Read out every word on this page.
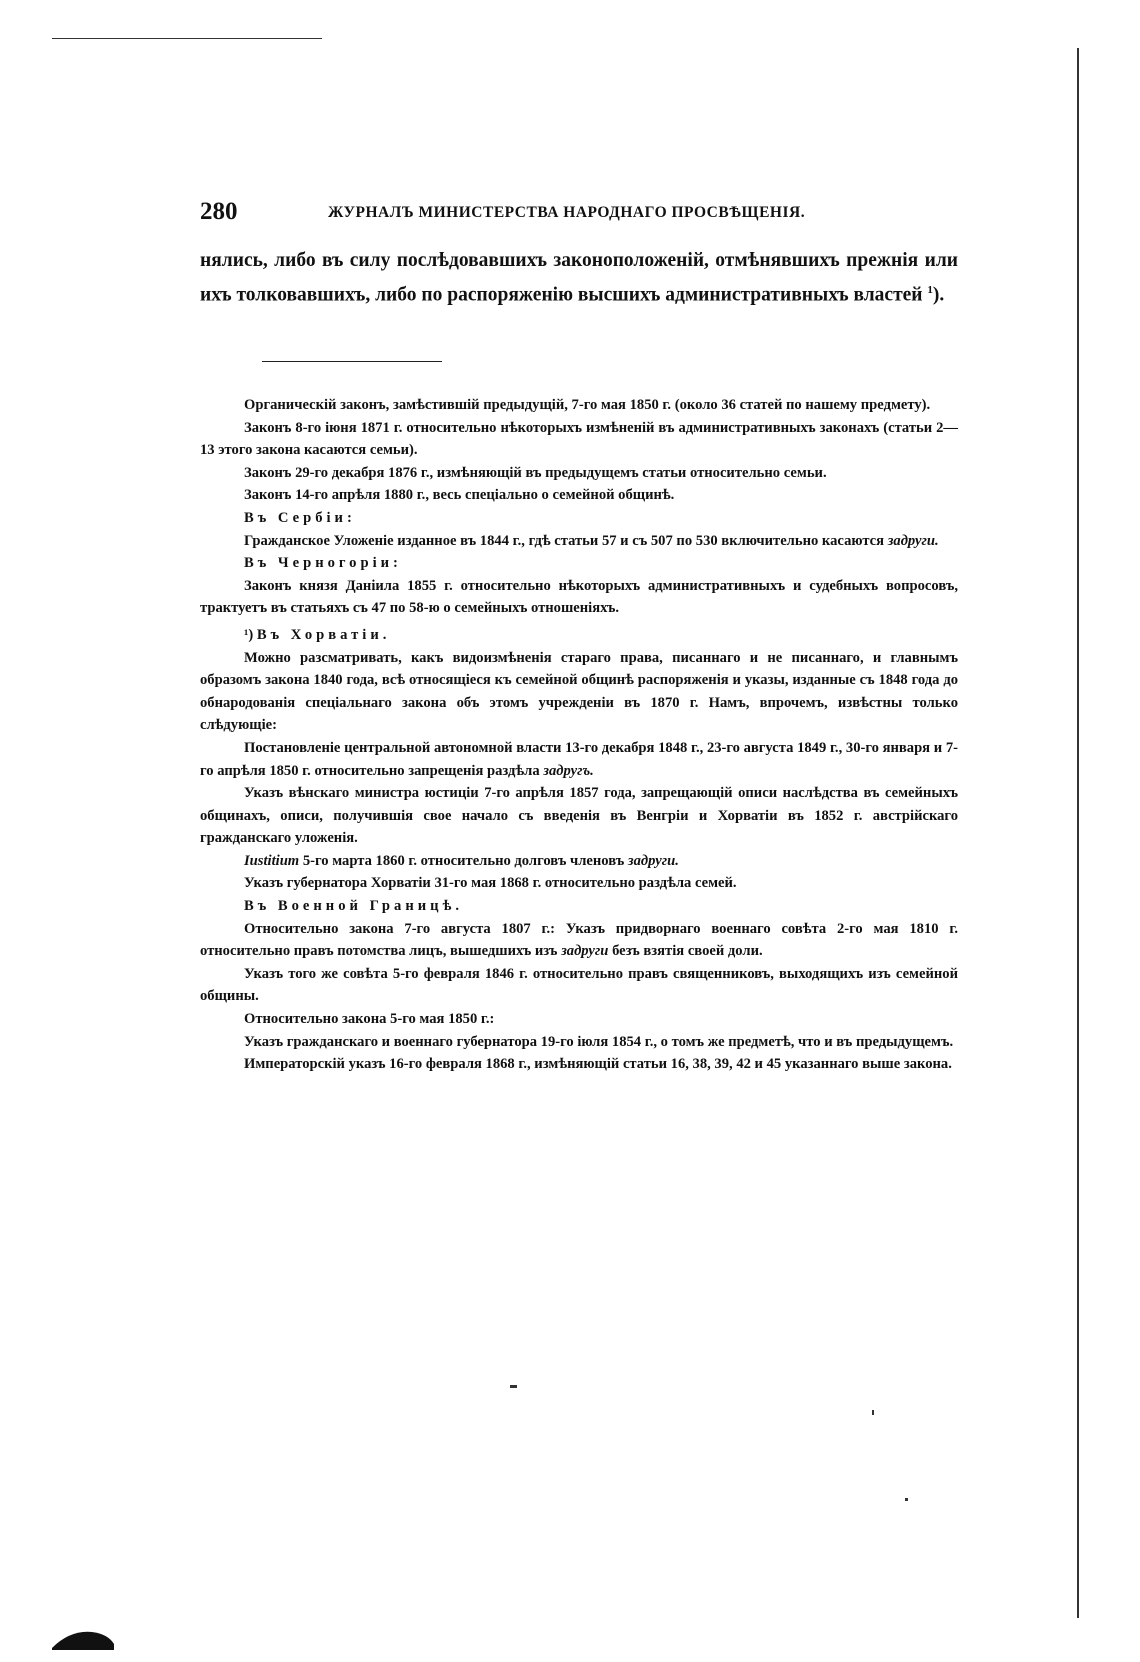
280	ЖУРНАЛЪ МИНИСТЕРСТВА НАРОДНАГО ПРОСВѢЩЕНІЯ.

нялись, либо въ силу послѣдовавшихъ законоположеній, отмѣнявшихъ прежнія или ихъ толковавшихъ, либо по распоряженію высшихъ административныхъ властей $^1$).

Органическій законъ, замѣстившій предыдущій, 7-го мая 1850 г. (около 36 статей по нашему предмету).

Законъ 8-го іюня 1871 г. относительно нѣкоторыхъ измѣненій въ административныхъ законахъ (статьи 2—13 этого закона касаются семьи).

Законъ 29-го декабря 1876 г., измѣняющій въ предыдущемъ статьи относительно семьи.

Законъ 14-го апрѣля 1880 г., весь спеціально о семейной общинѣ.

Въ Сербіи:

Гражданское Уложеніе изданное въ 1844 г., гдѣ статьи 57 и съ 507 по 530 включительно касаются задруги.

Въ Черногоріи:

Законъ князя Данiила 1855 г. относительно нѣкоторыхъ административныхъ и судебныхъ вопросовъ, трактуетъ въ статьяхъ съ 47 по 58-ю о семейныхъ отношеніяхъ.

¹) Въ Хорватіи.

Можно разсматривать, какъ видоизмѣненія стараго права, писаннаго и не писаннаго, и главнымъ образомъ закона 1840 года, всѣ относящіеся къ семейной общинѣ распоряженія и указы, изданные съ 1848 года до обнародованія спеціальнаго закона объ этомъ учрежденіи въ 1870 г. Намъ, впрочемъ, извѣстны только слѣдующіе:

Постановленіе центральной автономной власти 13-го декабря 1848 г., 23-го августа 1849 г., 30-го января и 7-го апрѣля 1850 г. относительно запрещенія раздѣла задругъ.

Указъ вѣнскаго министра юстиціи 7-го апрѣля 1857 года, запрещающій описи наслѣдства въ семейныхъ общинахъ, описи, получившія свое начало съ введенія въ Венгріи и Хорватіи въ 1852 г. австрійскаго гражданскаго уложенія.

Iustitium 5-го марта 1860 г. относительно долговъ членовъ задруги.

Указъ губернатора Хорватіи 31-го мая 1868 г. относительно раздѣла семей.

Въ Военной Границѣ.

Относительно закона 7-го августа 1807 г.: Указъ придворнаго военнаго совѣта 2-го мая 1810 г. относительно правъ потомства лицъ, вышедшихъ изъ задруги безъ взятія своей доли.

Указъ того же совѣта 5-го февраля 1846 г. относительно правъ священниковъ, выходящихъ изъ семейной общины.

Относительно закона 5-го мая 1850 г.:

Указъ гражданскаго и военнаго губернатора 19-го іюля 1854 г., о томъ же предметѣ, что и въ предыдущемъ.

Императорскій указъ 16-го февраля 1868 г., измѣняющій статьи 16, 38, 39, 42 и 45 указаннаго выше закона.
